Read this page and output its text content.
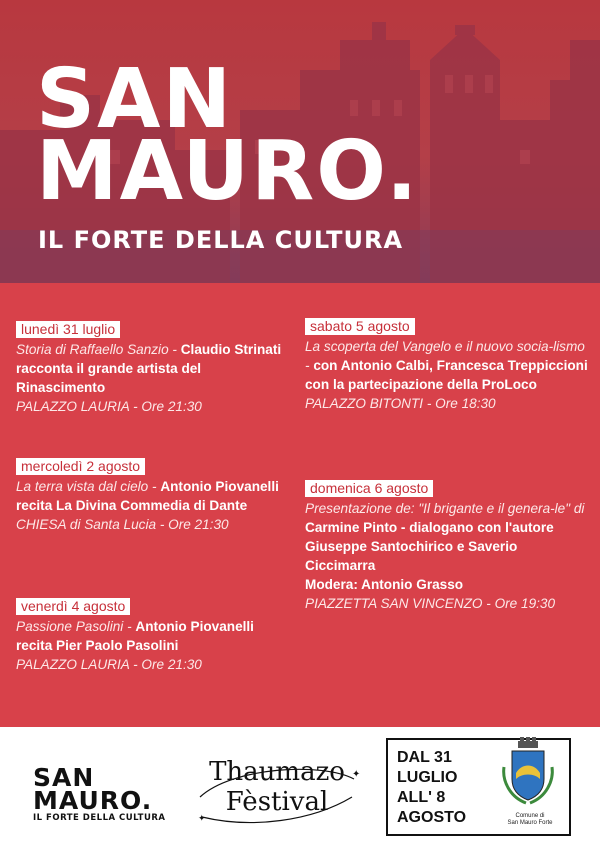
SAN
MAURO.
IL FORTE DELLA CULTURA
lunedì 31 luglio
Storia di Raffaello Sanzio - Claudio Strinati racconta il grande artista del Rinascimento
PALAZZO LAURIA - Ore 21:30
mercoledì 2 agosto
La terra vista dal cielo - Antonio Piovanelli recita La Divina Commedia di Dante
CHIESA di Santa Lucia - Ore 21:30
venerdì 4 agosto
Passione Pasolini - Antonio Piovanelli recita Pier Paolo Pasolini
PALAZZO LAURIA - Ore 21:30
sabato 5 agosto
La scoperta del Vangelo e il nuovo socia-lismo - con Antonio Calbi, Francesca Treppiccioni con la partecipazione della ProLoco
PALAZZO BITONTI - Ore 18:30
domenica 6 agosto
Presentazione de: "Il brigante e il genera-le" di Carmine Pinto - dialogano con l'autore Giuseppe Santochirico e Saverio Ciccimarra
Modera: Antonio Grasso
PIAZZETTA SAN VINCENZO - Ore 19:30
SAN
MAURO.
IL FORTE DELLA CULTURA
✦
✦
Thaumazo
Fèstival
DAL 31
LUGLIO
ALL' 8
AGOSTO	Comune di
San Mauro Forte
